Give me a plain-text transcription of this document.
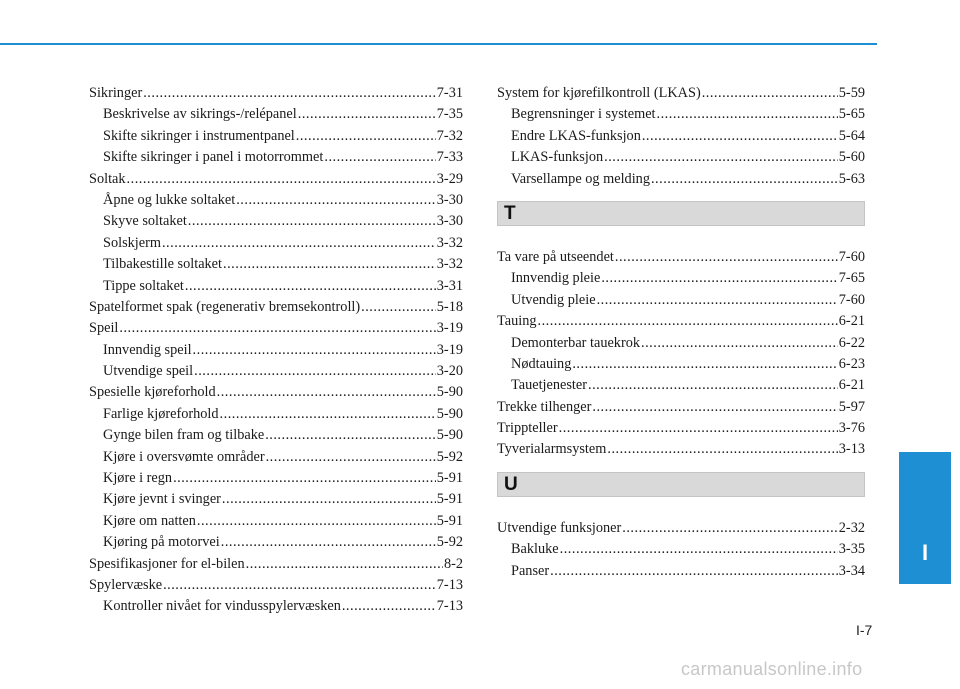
Sikringer .....	7-31
Beskrivelse av sikrings-/relépanel .....	7-35
Skifte sikringer i instrumentpanel .....	7-32
Skifte sikringer i panel i motorrommet .....	7-33
Soltak .....	3-29
Åpne og lukke soltaket .....	3-30
Skyve soltaket .....	3-30
Solskjerm .....	3-32
Tilbakestille soltaket .....	3-32
Tippe soltaket .....	3-31
Spatelformet spak (regenerativ bremsekontroll) .....	5-18
Speil .....	3-19
Innvendig speil .....	3-19
Utvendige speil .....	3-20
Spesielle kjøreforhold .....	5-90
Farlige kjøreforhold .....	5-90
Gynge bilen fram og tilbake .....	5-90
Kjøre i oversvømte områder .....	5-92
Kjøre i regn .....	5-91
Kjøre jevnt i svinger .....	5-91
Kjøre om natten .....	5-91
Kjøring på motorvei .....	5-92
Spesifikasjoner for el-bilen .....	8-2
Spylervæske .....	7-13
Kontroller nivået for vindusspylervæsken .....	7-13
System for kjørefilkontroll (LKAS) .....	5-59
Begrensninger i systemet .....	5-65
Endre LKAS-funksjon .....	5-64
LKAS-funksjon .....	5-60
Varsellampe og melding .....	5-63
T
Ta vare på utseendet .....	7-60
Innvendig pleie .....	7-65
Utvendig pleie .....	7-60
Tauing .....	6-21
Demonterbar tauekrok .....	6-22
Nødtauing .....	6-23
Tauetjenester .....	6-21
Trekke tilhenger .....	5-97
Trippteller .....	3-76
Tyverialarmsystem .....	3-13
U
Utvendige funksjoner .....	2-32
Bakluke .....	3-35
Panser .....	3-34
I
I-7
carmanualsonline.info
